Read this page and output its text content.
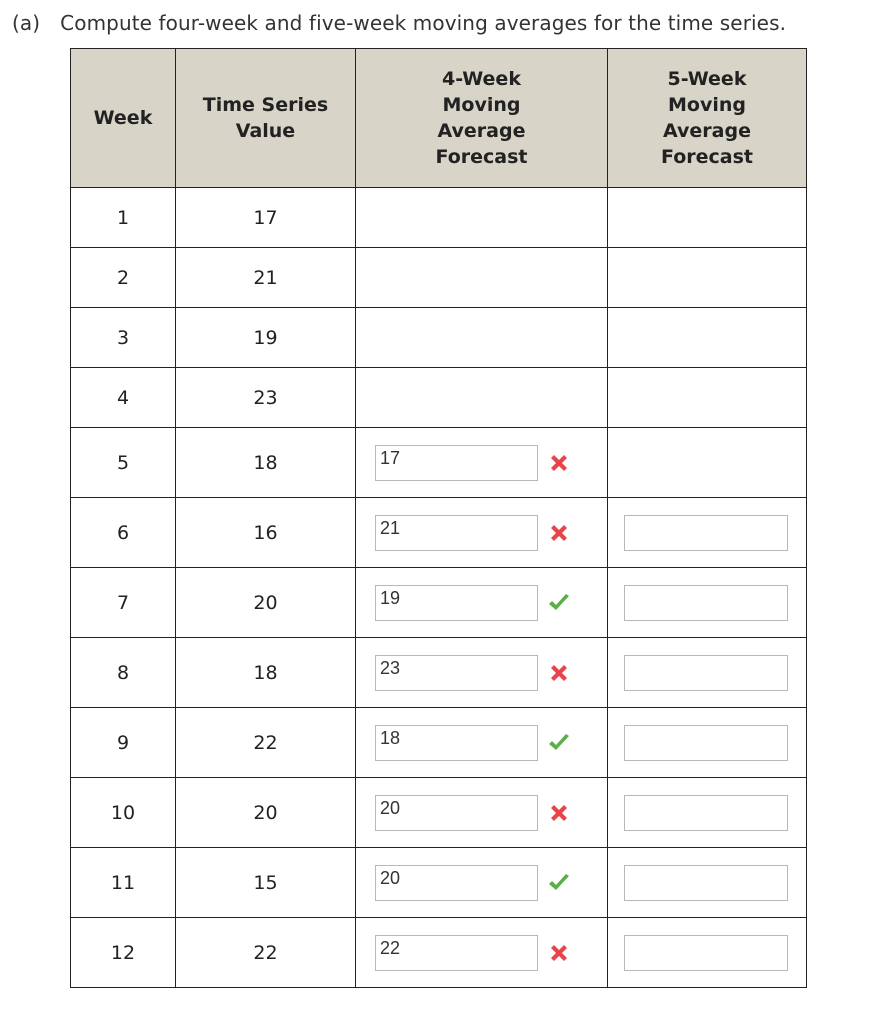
(a) Compute four-week and five-week moving averages for the time series.
Week	Time Series Value	4-Week Moving Average Forecast	5-Week Moving Average Forecast

1	17		
2	21		
3	19		
4	23		
5	18	17	

6	16	21	

7	20	19	

8	18	23	

9	22	18	

10	20	20	

11	15	20	

12	22	22	
